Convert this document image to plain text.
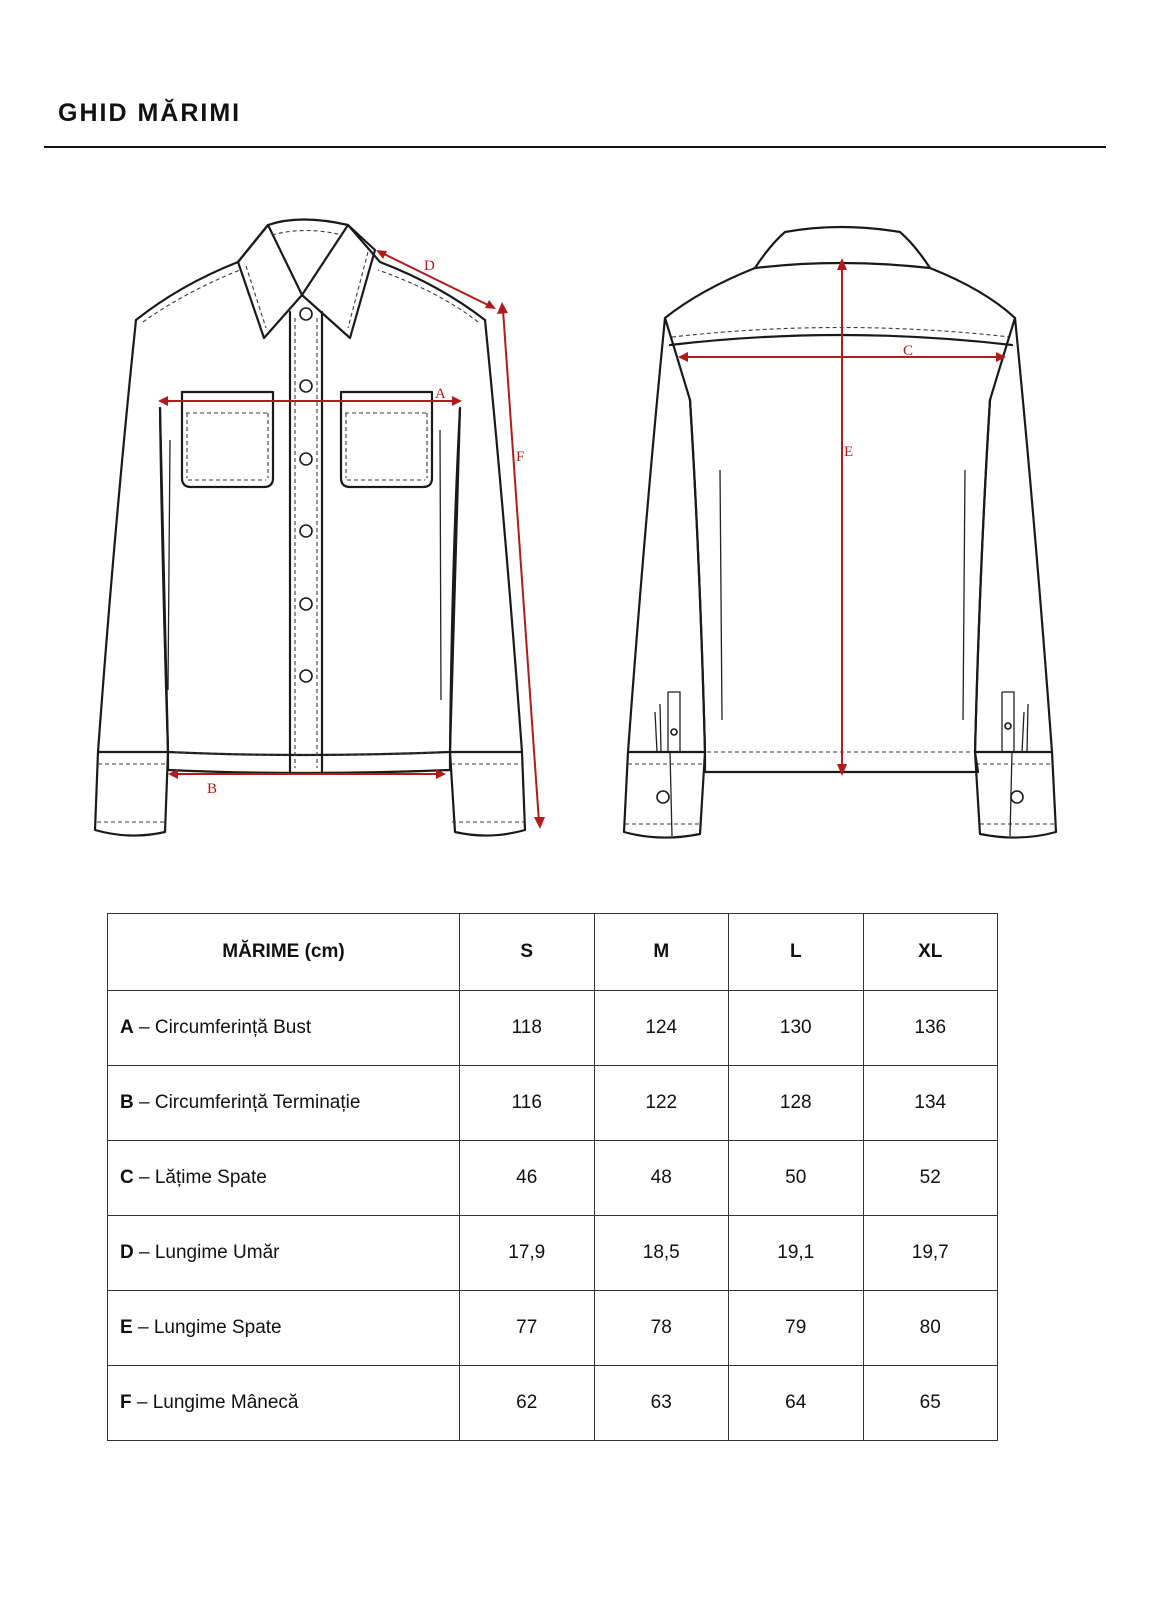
GHID MĂRIMI
A
B
D
F
C
E
MĂRIME (cm)	S	M	L	XL
A – Circumferință Bust	118	124	130	136
B – Circumferință Terminație	116	122	128	134
C – Lățime Spate	46	48	50	52
D – Lungime Umăr	17,9	18,5	19,1	19,7
E – Lungime Spate	77	78	79	80
F – Lungime Mânecă	62	63	64	65
